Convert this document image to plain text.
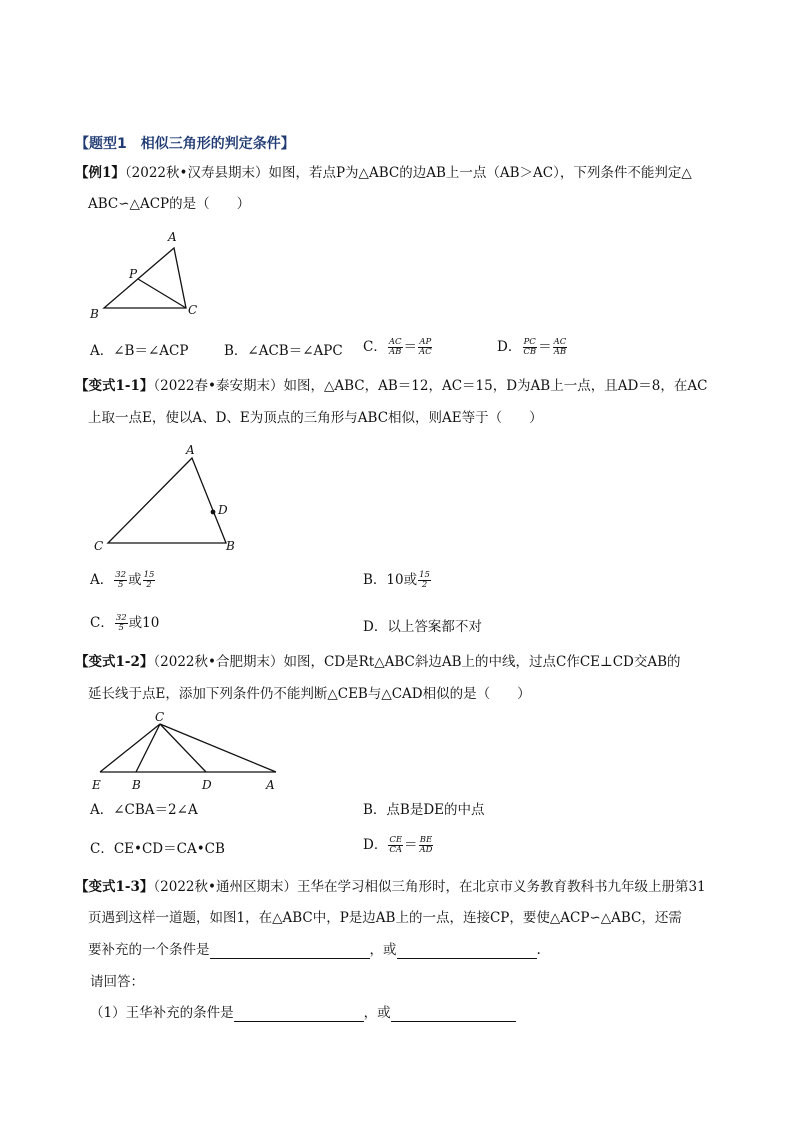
【题型1　相似三角形的判定条件】
【例1】（2022秋•汉寿县期末）如图，若点P为△ABC的边AB上一点（AB＞AC），下列条件不能判定△
ABC∽△ACP的是（　　）
A
B	C
P
A．∠B＝∠ACP	B．∠ACB＝∠APC C． $\frac{AC}{AB} = \frac{AP}{AC}$	D． $\frac{PC}{CB} = \frac{AC}{AB}$
【变式1-1】（2022春•泰安期末）如图，△ABC，AB＝12，AC＝15，D为AB上一点，且AD＝8，在AC
上取一点E，使以A、D、E为顶点的三角形与ABC相似，则AE等于（　　）
A
C	B
D
A． $\frac{32}{5}$ 或 $\frac{15}{2}$	B．10或 $\frac{15}{2}$
C． $\frac{32}{5}$ 或10	D．以上答案都不对
【变式1-2】（2022秋•合肥期末）如图，CD是Rt△ABC斜边AB上的中线，过点C作CE⊥CD交AB的
延长线于点E，添加下列条件仍不能判断△CEB与△CAD相似的是（　　）
C
E	B	D	A
A．∠CBA＝2∠A	B．点B是DE的中点
C．CE•CD＝CA•CB	D． $\frac{CE}{CA} = \frac{BE}{AD}$
【变式1-3】（2022秋•通州区期末）王华在学习相似三角形时，在北京市义务教育教科书九年级上册第31
页遇到这样一道题，如图1，在△ABC中，P是边AB上的一点，连接CP，要使△ACP∽△ABC，还需
要补充的一个条件是	，或	.
请回答：
（1）王华补充的条件是	，或
